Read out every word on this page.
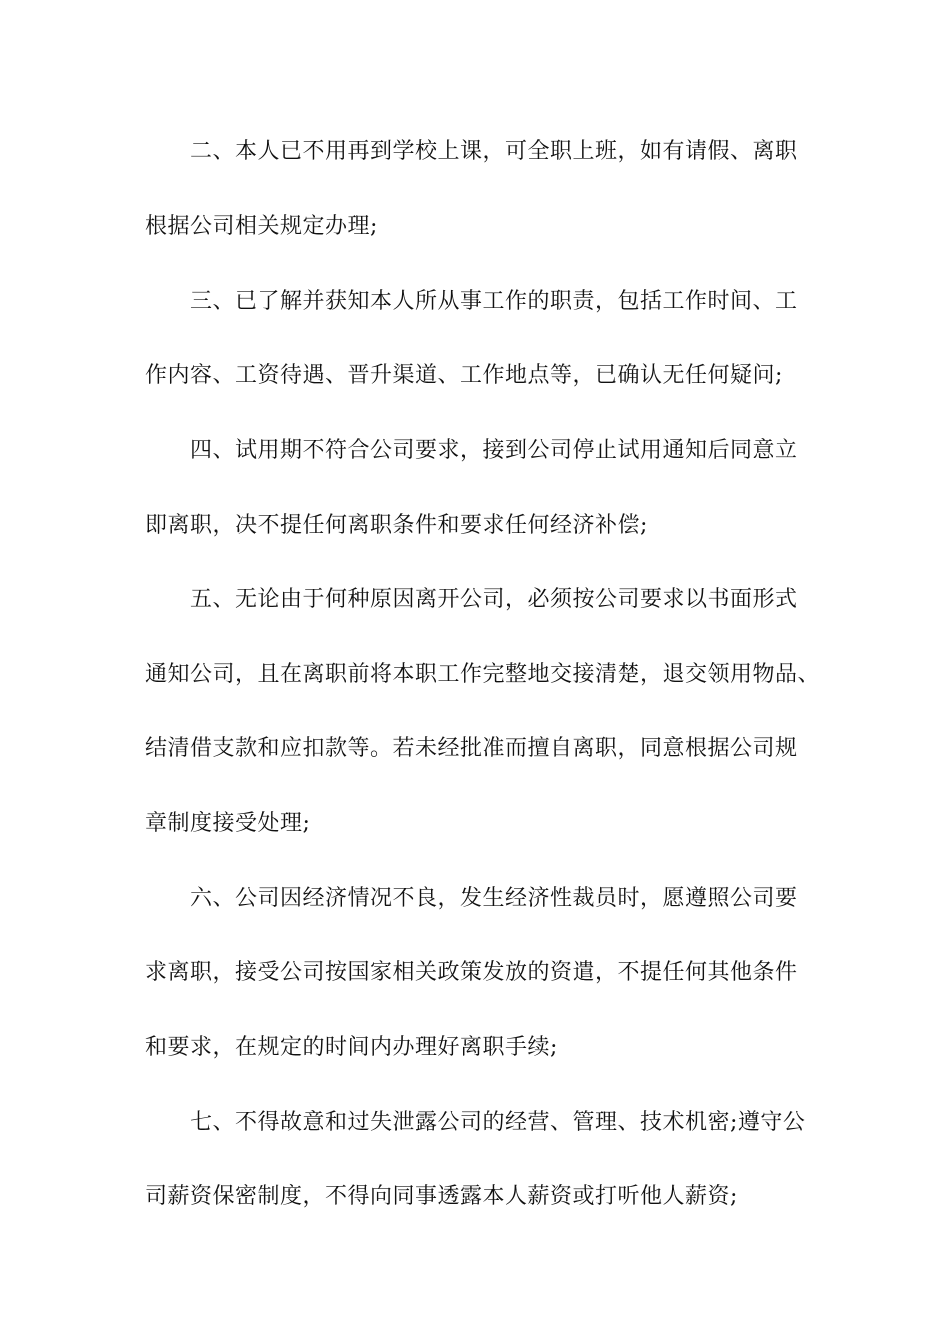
二、本人已不用再到学校上课，可全职上班，如有请假、离职
根据公司相关规定办理;
三、已了解并获知本人所从事工作的职责，包括工作时间、工
作内容、工资待遇、晋升渠道、工作地点等，已确认无任何疑问;
四、试用期不符合公司要求，接到公司停止试用通知后同意立
即离职，决不提任何离职条件和要求任何经济补偿;
五、无论由于何种原因离开公司，必须按公司要求以书面形式
通知公司，且在离职前将本职工作完整地交接清楚，退交领用物品、
结清借支款和应扣款等。若未经批准而擅自离职，同意根据公司规
章制度接受处理;
六、公司因经济情况不良，发生经济性裁员时，愿遵照公司要
求离职，接受公司按国家相关政策发放的资遣，不提任何其他条件
和要求，在规定的时间内办理好离职手续;
七、不得故意和过失泄露公司的经营、管理、技术机密;遵守公
司薪资保密制度，不得向同事透露本人薪资或打听他人薪资;
